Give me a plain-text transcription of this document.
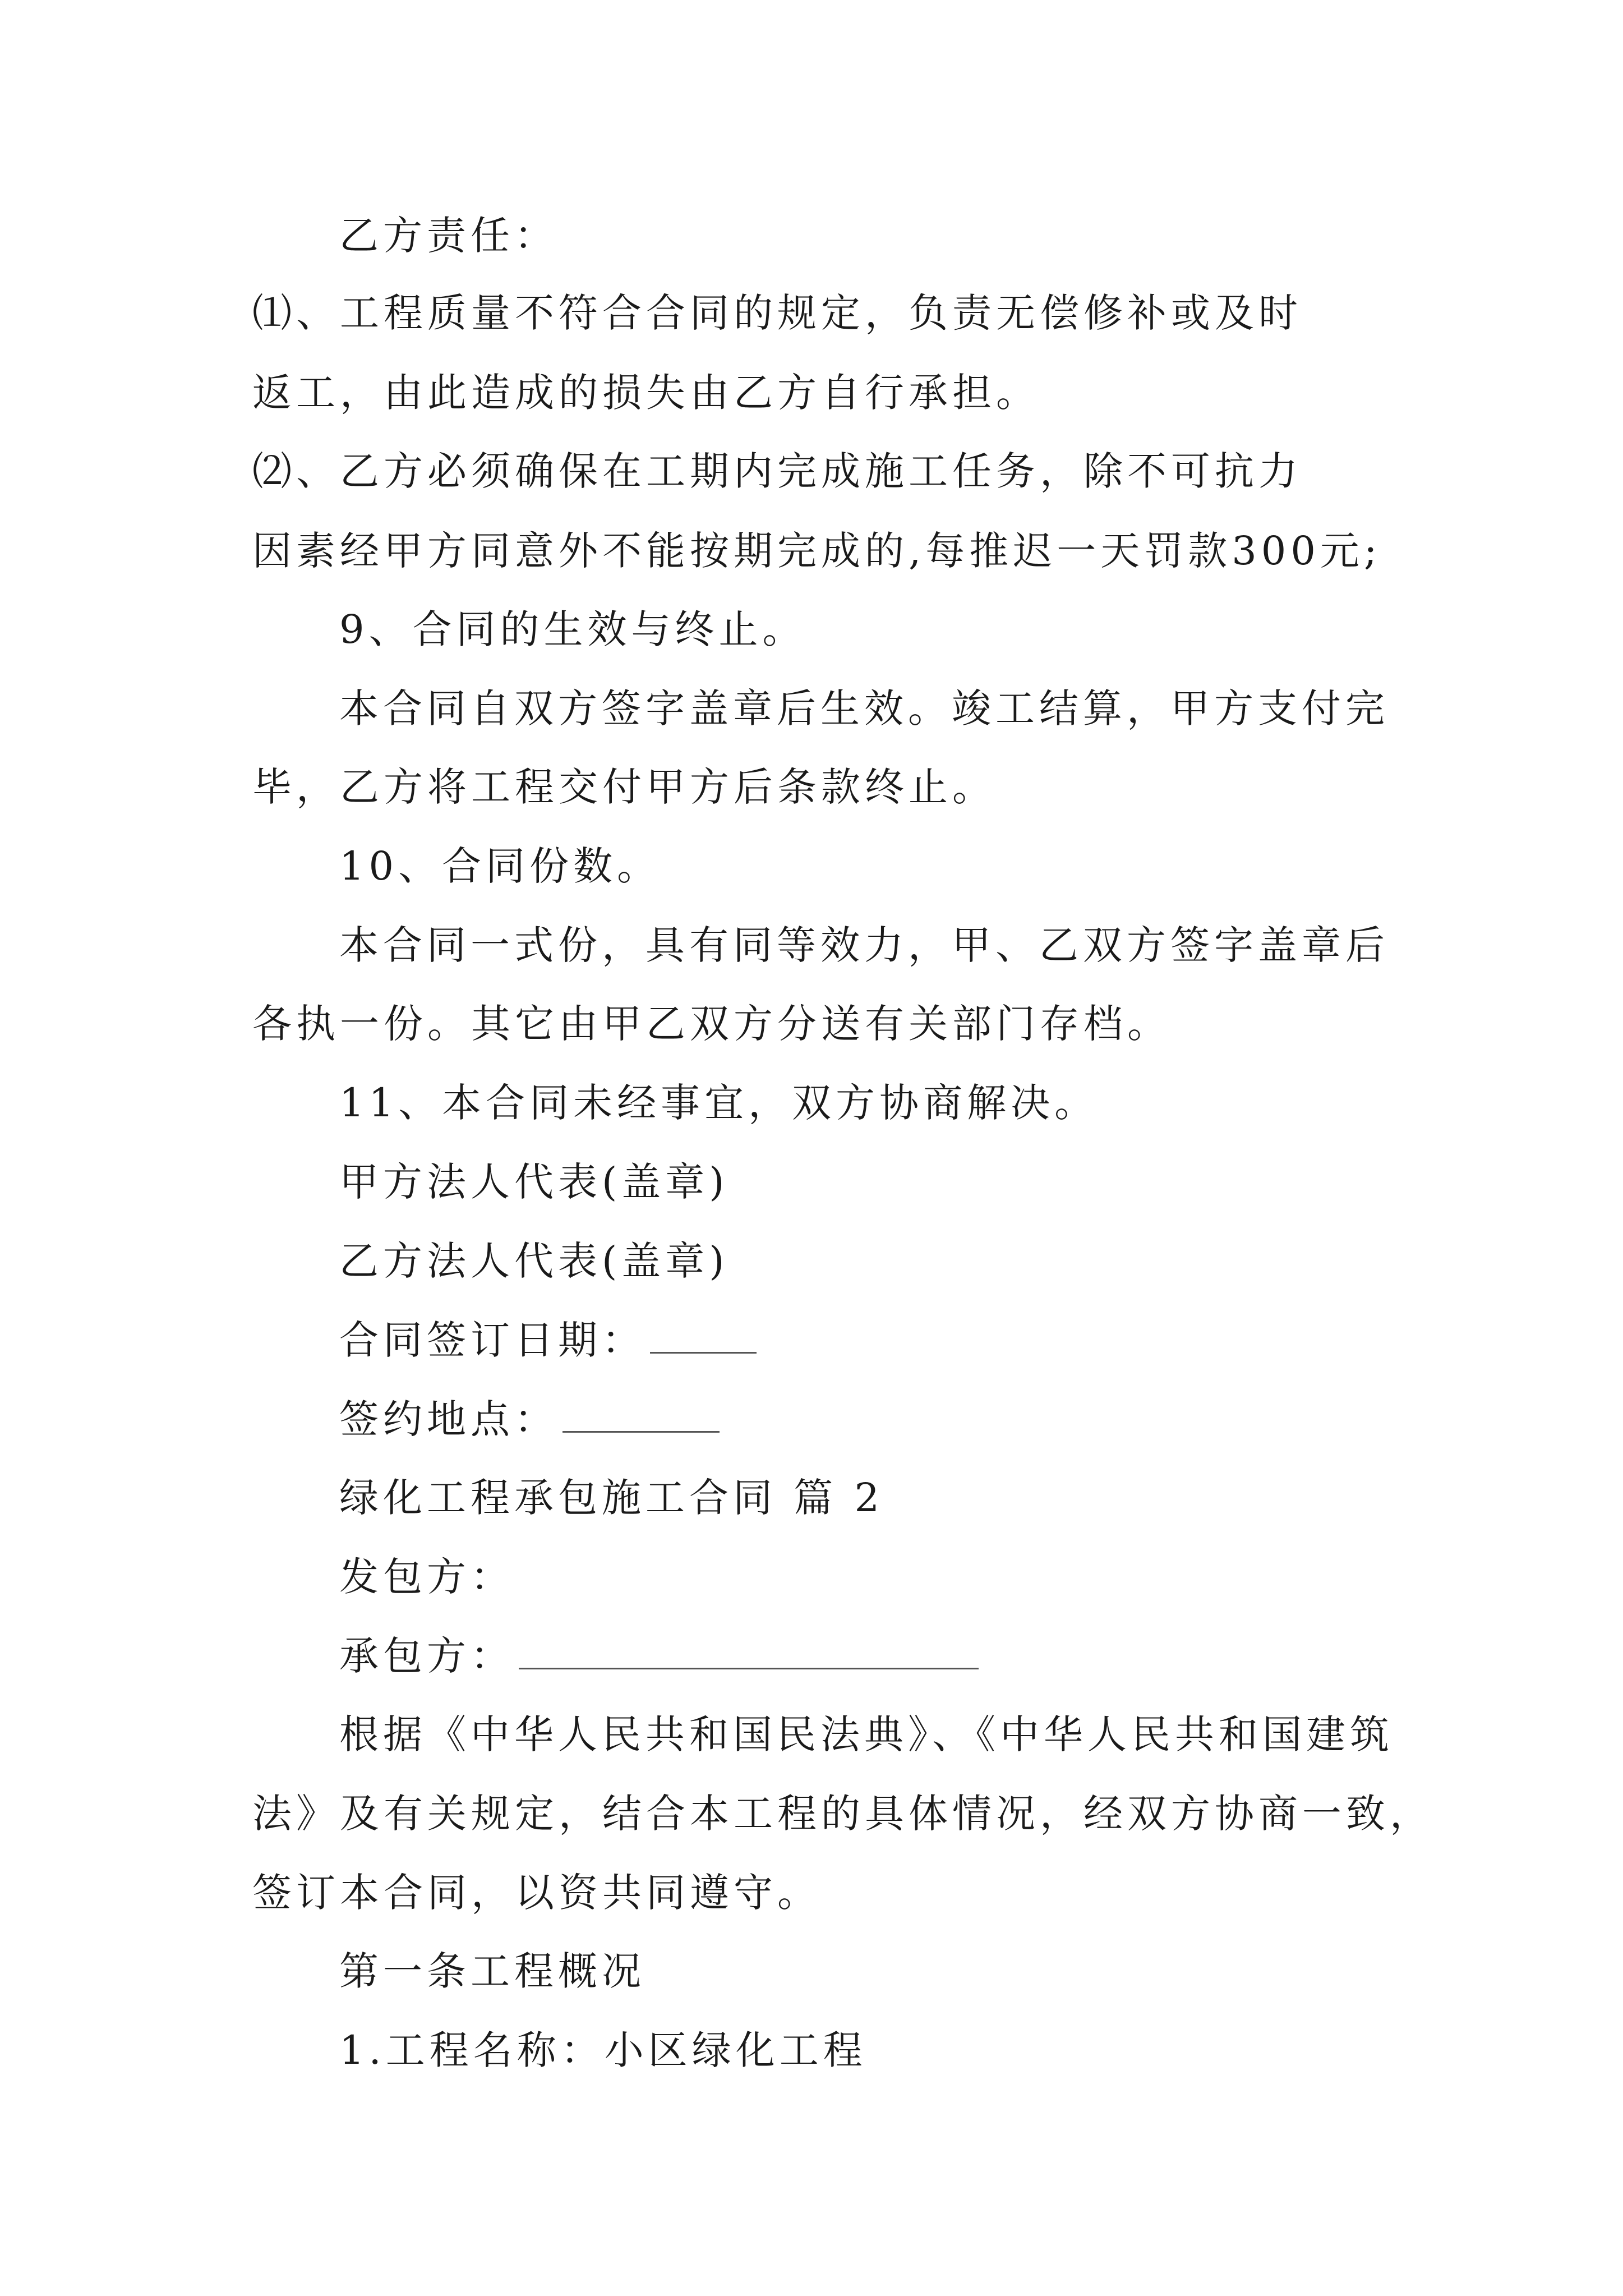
乙方责任：
⑴、工程质量不符合合同的规定，负责无偿修补或及时
返工，由此造成的损失由乙方自行承担。
⑵、乙方必须确保在工期内完成施工任务，除不可抗力
因素经甲方同意外不能按期完成的,每推迟一天罚款300元;
9、合同的生效与终止。
本合同自双方签字盖章后生效。竣工结算，甲方支付完
毕，乙方将工程交付甲方后条款终止。
10、合同份数。
本合同一式份，具有同等效力，甲、乙双方签字盖章后
各执一份。其它由甲乙双方分送有关部门存档。
11、本合同未经事宜，双方协商解决。
甲方法人代表(盖章)
乙方法人代表(盖章)
合同签订日期：
签约地点：
绿化工程承包施工合同 篇 2
发包方：
承包方：
根据《中华人民共和国民法典》、《中华人民共和国建筑
法》及有关规定，结合本工程的具体情况，经双方协商一致，
签订本合同，以资共同遵守。
第一条工程概况
1.工程名称：小区绿化工程
